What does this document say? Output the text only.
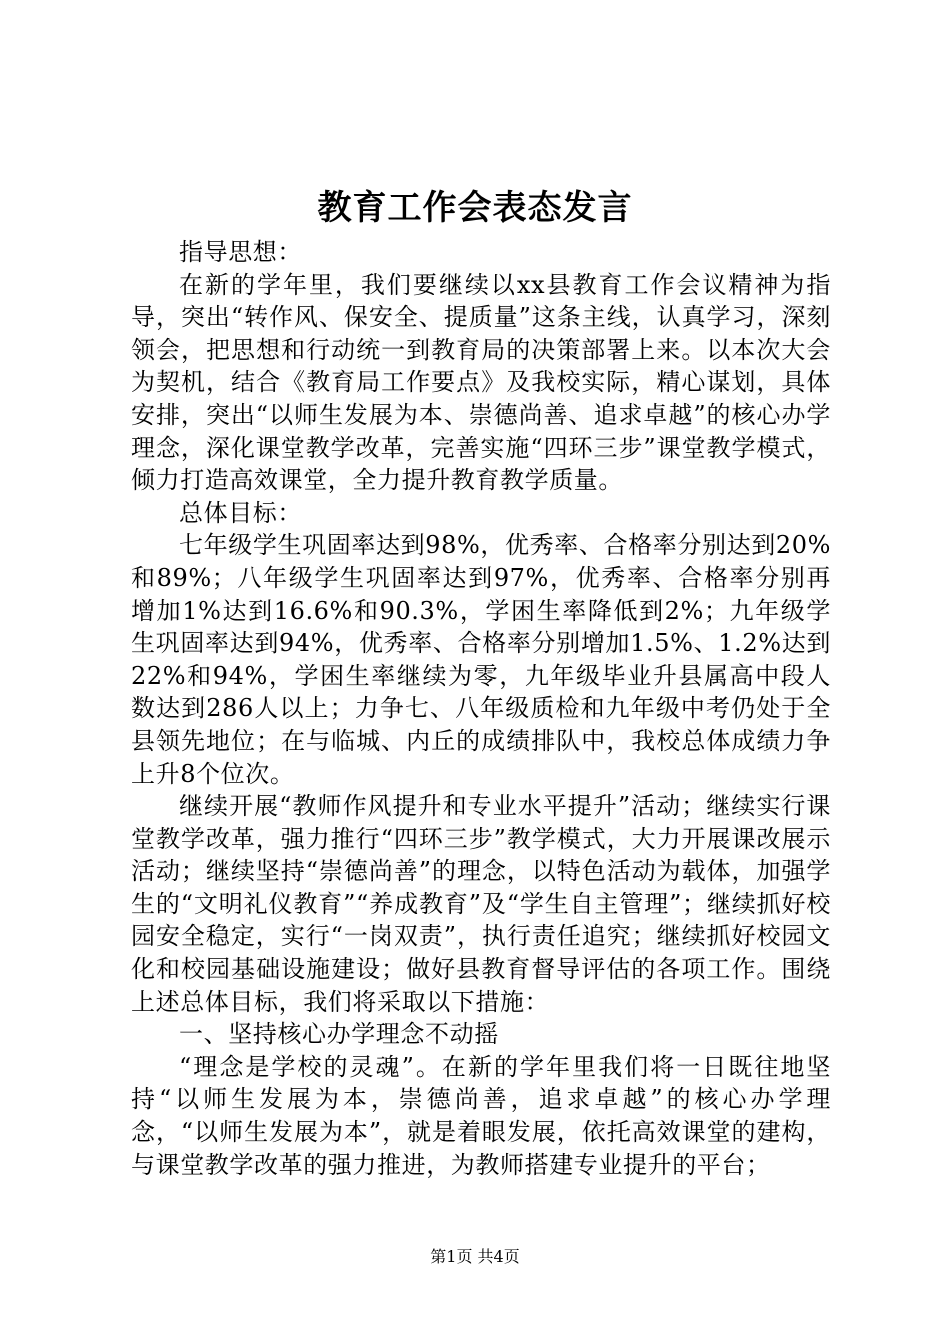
教育工作会表态发言

指导思想：

在新的学年里，我们要继续以xx县教育工作会议精神为指导，突出“转作风、保安全、提质量”这条主线，认真学习，深刻领会，把思想和行动统一到教育局的决策部署上来。以本次大会为契机，结合《教育局工作要点》及我校实际，精心谋划，具体安排，突出“以师生发展为本、崇德尚善、追求卓越”的核心办学理念，深化课堂教学改革，完善实施“四环三步”课堂教学模式，倾力打造高效课堂，全力提升教育教学质量。

总体目标：

七年级学生巩固率达到98%，优秀率、合格率分别达到20%和89%；八年级学生巩固率达到97%，优秀率、合格率分别再增加1%达到16.6%和90.3%，学困生率降低到2%；九年级学生巩固率达到94%，优秀率、合格率分别增加1.5%、1.2%达到22%和94%，学困生率继续为零，九年级毕业升县属高中段人数达到286人以上；力争七、八年级质检和九年级中考仍处于全县领先地位；在与临城、内丘的成绩排队中，我校总体成绩力争上升8个位次。

继续开展“教师作风提升和专业水平提升”活动；继续实行课堂教学改革，强力推行“四环三步”教学模式，大力开展课改展示活动；继续坚持“崇德尚善”的理念，以特色活动为载体，加强学生的“文明礼仪教育”“养成教育”及“学生自主管理”；继续抓好校园安全稳定，实行“一岗双责”，执行责任追究；继续抓好校园文化和校园基础设施建设；做好县教育督导评估的各项工作。围绕上述总体目标，我们将采取以下措施：

一、坚持核心办学理念不动摇

“理念是学校的灵魂”。在新的学年里我们将一日既往地坚持“以师生发展为本，崇德尚善，追求卓越”的核心办学理念，“以师生发展为本”，就是着眼发展，依托高效课堂的建构，与课堂教学改革的强力推进，为教师搭建专业提升的平台；

第1页 共4页
